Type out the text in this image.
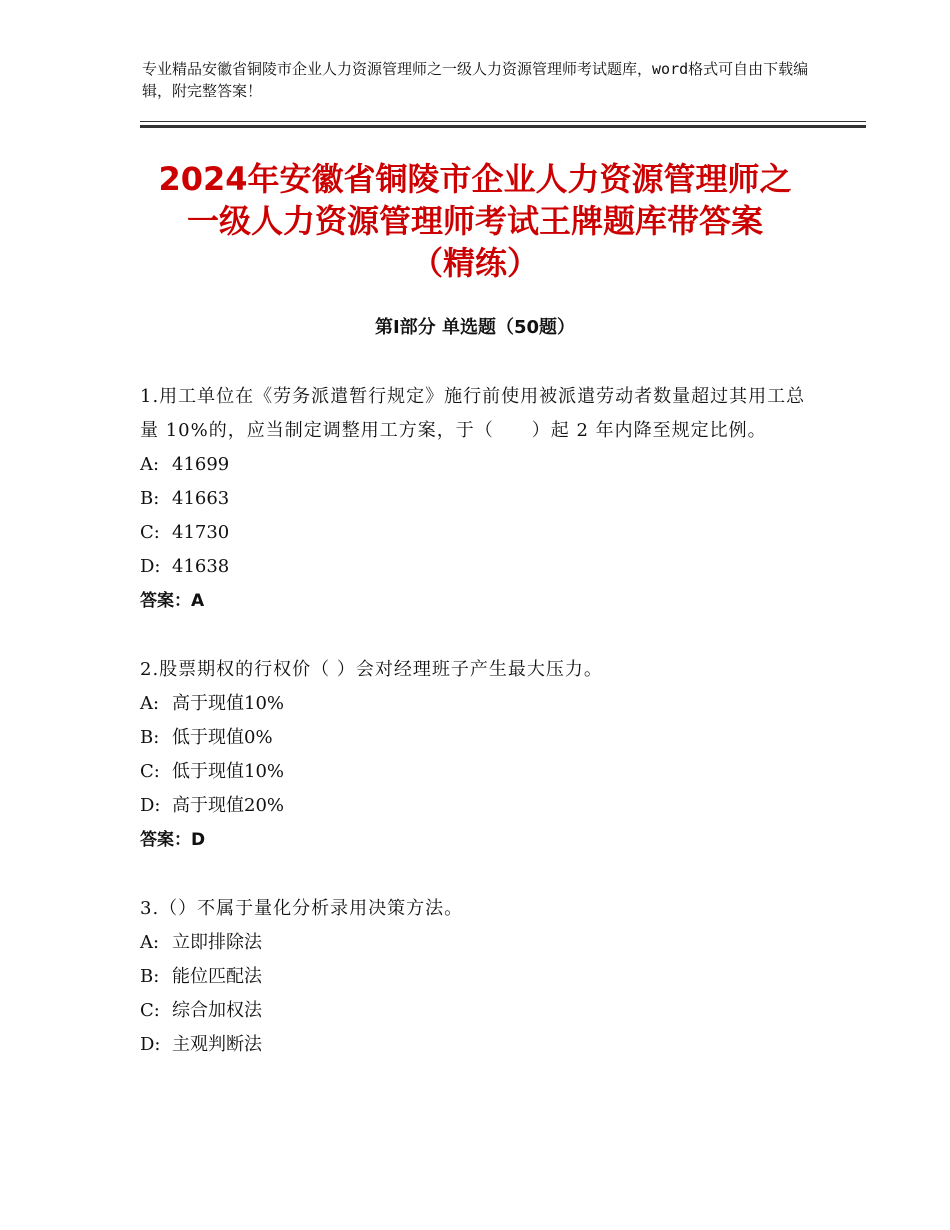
专业精品安徽省铜陵市企业人力资源管理师之一级人力资源管理师考试题库，word格式可自由下载编辑，附完整答案！
2024年安徽省铜陵市企业人力资源管理师之
一级人力资源管理师考试王牌题库带答案
（精练）
第Ⅰ部分 单选题（50题）

1.用工单位在《劳务派遣暂行规定》施行前使用被派遣劳动者数量超过其用工总量 10%的，应当制定调整用工方案，于（　　）起 2 年内降至规定比例。

A: 41699

B: 41663

C: 41730

D: 41638

答案：A

2.股票期权的行权价（ ）会对经理班子产生最大压力。

A: 高于现值10%

B: 低于现值0%

C: 低于现值10%

D: 高于现值20%

答案：D

3.（）不属于量化分析录用决策方法。

A: 立即排除法

B: 能位匹配法

C: 综合加权法

D: 主观判断法
